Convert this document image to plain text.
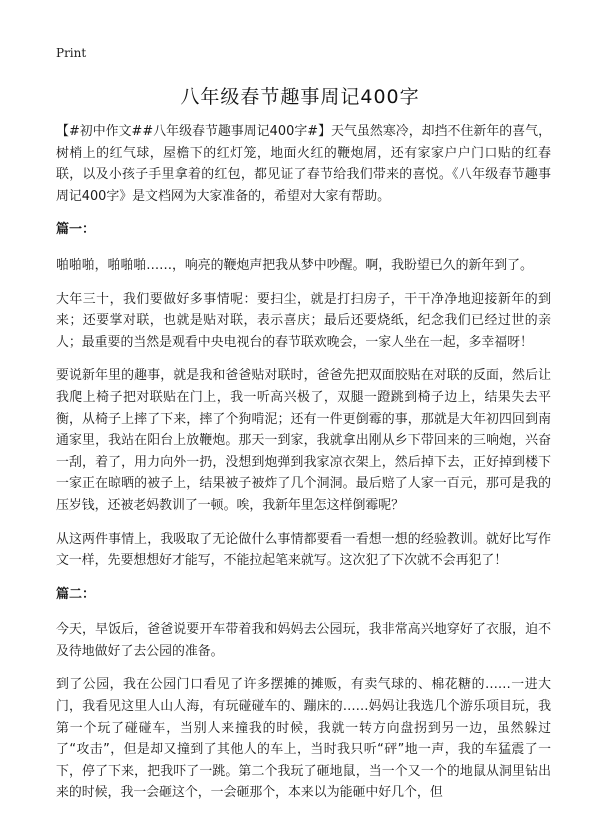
Print
八年级春节趣事周记400字

【#初中作文##八年级春节趣事周记400字#】天气虽然寒冷，却挡不住新年的喜气，树梢上的红气球，屋檐下的红灯笼，地面火红的鞭炮屑，还有家家户户门口贴的红春联，以及小孩子手里拿着的红包，都见证了春节给我们带来的喜悦。《八年级春节趣事周记400字》是文档网为大家准备的，希望对大家有帮助。

篇一：

啪啪啪，啪啪啪……，响亮的鞭炮声把我从梦中吵醒。啊，我盼望已久的新年到了。

大年三十，我们要做好多事情呢：要扫尘，就是打扫房子，干干净净地迎接新年的到来；还要掌对联，也就是贴对联，表示喜庆；最后还要烧纸，纪念我们已经过世的亲人；最重要的当然是观看中央电视台的春节联欢晚会，一家人坐在一起，多幸福呀！

要说新年里的趣事，就是我和爸爸贴对联时，爸爸先把双面胶贴在对联的反面，然后让我爬上椅子把对联贴在门上，我一听高兴极了，双腿一蹬跳到椅子边上，结果失去平衡，从椅子上摔了下来，摔了个狗啃泥；还有一件更倒霉的事，那就是大年初四回到南通家里，我站在阳台上放鞭炮。那天一到家，我就拿出刚从乡下带回来的三响炮，兴奋一刮，着了，用力向外一扔，没想到炮弹到我家凉衣架上，然后掉下去，正好掉到楼下一家正在晾晒的被子上，结果被子被炸了几个洞洞。最后赔了人家一百元，那可是我的压岁钱，还被老妈教训了一顿。唉，我新年里怎这样倒霉呢？

从这两件事情上，我吸取了无论做什么事情都要看一看想一想的经验教训。就好比写作文一样，先要想想好才能写，不能拉起笔来就写。这次犯了下次就不会再犯了！

篇二：

今天，早饭后，爸爸说要开车带着我和妈妈去公园玩，我非常高兴地穿好了衣服，迫不及待地做好了去公园的准备。

到了公园，我在公园门口看见了许多摆摊的摊贩，有卖气球的、棉花糖的……一进大门，我看见这里人山人海，有玩碰碰车的、蹦床的……妈妈让我选几个游乐项目玩，我第一个玩了碰碰车，当别人来撞我的时候，我就一转方向盘拐到另一边，虽然躲过了“攻击”，但是却又撞到了其他人的车上，当时我只听“砰”地一声，我的车猛震了一下，停了下来，把我吓了一跳。第二个我玩了砸地鼠，当一个又一个的地鼠从洞里钻出来的时候，我一会砸这个，一会砸那个，本来以为能砸中好几个，但
